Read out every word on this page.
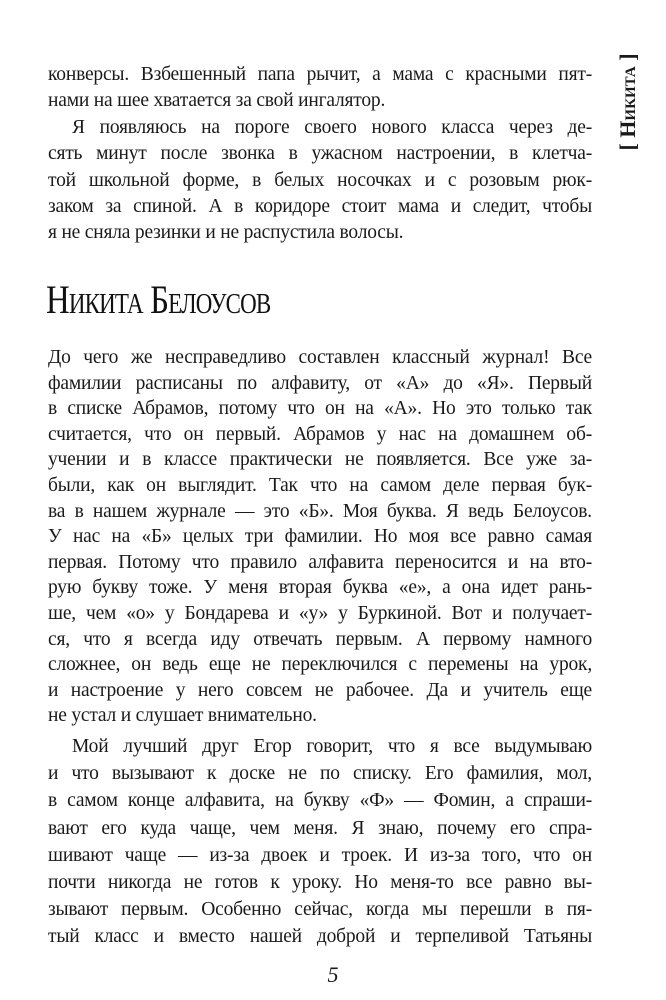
[ Никита ]
конверсы. Взбешенный папа рычит, а мама с красными пят-
нами на шее хватается за свой ингалятор.
Я появляюсь на пороге своего нового класса через де-
сять минут после звонка в ужасном настроении, в клетча-
той школьной форме, в белых носочках и с розовым рюк-
заком за спиной. А в коридоре стоит мама и следит, чтобы
я не сняла резинки и не распустила волосы.
Никита Белоусов
До чего же несправедливо составлен классный журнал! Все
фамилии расписаны по алфавиту, от «А» до «Я». Первый
в списке Абрамов, потому что он на «А». Но это только так
считается, что он первый. Абрамов у нас на домашнем об-
учении и в классе практически не появляется. Все уже за-
были, как он выглядит. Так что на самом деле первая бук-
ва в нашем журнале — это «Б». Моя буква. Я ведь Белоусов.
У нас на «Б» целых три фамилии. Но моя все равно самая
первая. Потому что правило алфавита переносится и на вто-
рую букву тоже. У меня вторая буква «е», а она идет рань-
ше, чем «о» у Бондарева и «у» у Буркиной. Вот и получает-
ся, что я всегда иду отвечать первым. А первому намного
сложнее, он ведь еще не переключился с перемены на урок,
и настроение у него совсем не рабочее. Да и учитель еще
не устал и слушает внимательно.
Мой лучший друг Егор говорит, что я все выдумываю
и что вызывают к доске не по списку. Его фамилия, мол,
в самом конце алфавита, на букву «Ф» — Фомин, а спраши-
вают его куда чаще, чем меня. Я знаю, почему его спра-
шивают чаще — из-за двоек и троек. И из-за того, что он
почти никогда не готов к уроку. Но меня-то все равно вы-
зывают первым. Особенно сейчас, когда мы перешли в пя-
тый класс и вместо нашей доброй и терпеливой Татьяны
5
